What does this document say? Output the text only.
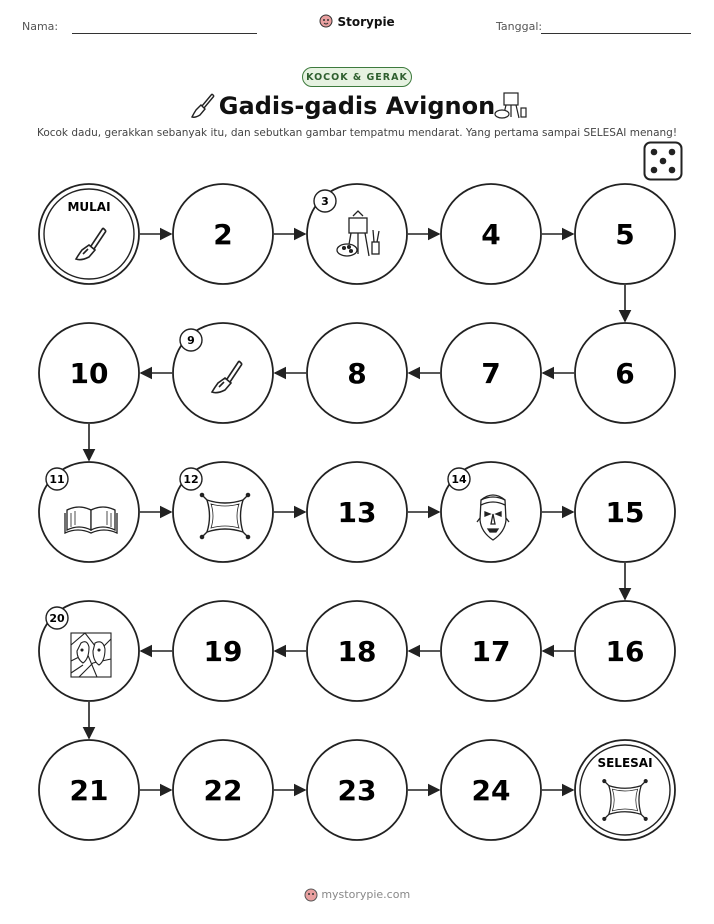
Nama:	Storypie	Tanggal:
KOCOK & GERAK
Gadis-gadis Avignon
Kocok dadu, gerakkan sebanyak itu, dan sebutkan gambar tempatmu mendarat. Yang pertama sampai SELESAI menang!
MULAI
2
3
4	5
6
7
8
9
10
11	12
13
14
15
16
17
18
19
20
21	22	23	24
SELESAI
mystorypie.com
